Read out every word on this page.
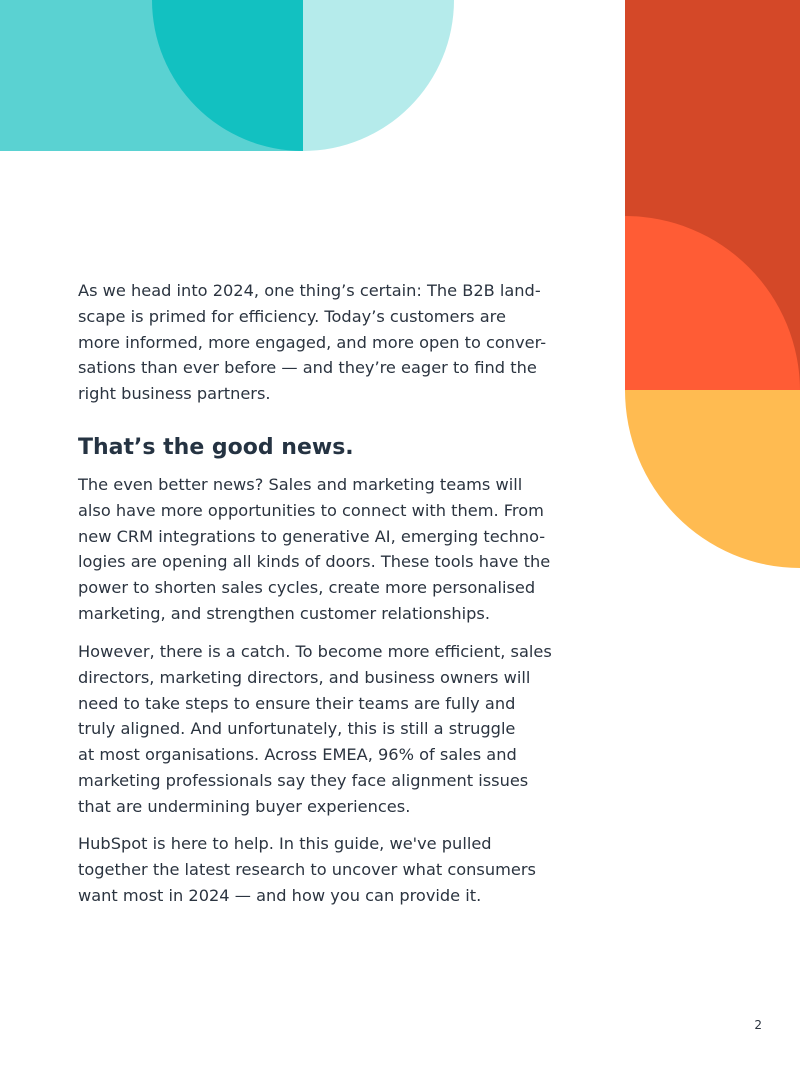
As we head into 2024, one thing’s certain: The B2B land-
scape is primed for efficiency. Today’s customers are
more informed, more engaged, and more open to conver-
sations than ever before — and they’re eager to find the
right business partners.

That’s the good news.

The even better news? Sales and marketing teams will
also have more opportunities to connect with them. From
new CRM integrations to generative AI, emerging techno-
logies are opening all kinds of doors. These tools have the
power to shorten sales cycles, create more personalised
marketing, and strengthen customer relationships.

However, there is a catch. To become more efficient, sales
directors, marketing directors, and business owners will
need to take steps to ensure their teams are fully and
truly aligned. And unfortunately, this is still a struggle
at most organisations. Across EMEA, 96% of sales and
marketing professionals say they face alignment issues
that are undermining buyer experiences.

HubSpot is here to help. In this guide, we've pulled
together the latest research to uncover what consumers
want most in 2024 — and how you can provide it.

2
